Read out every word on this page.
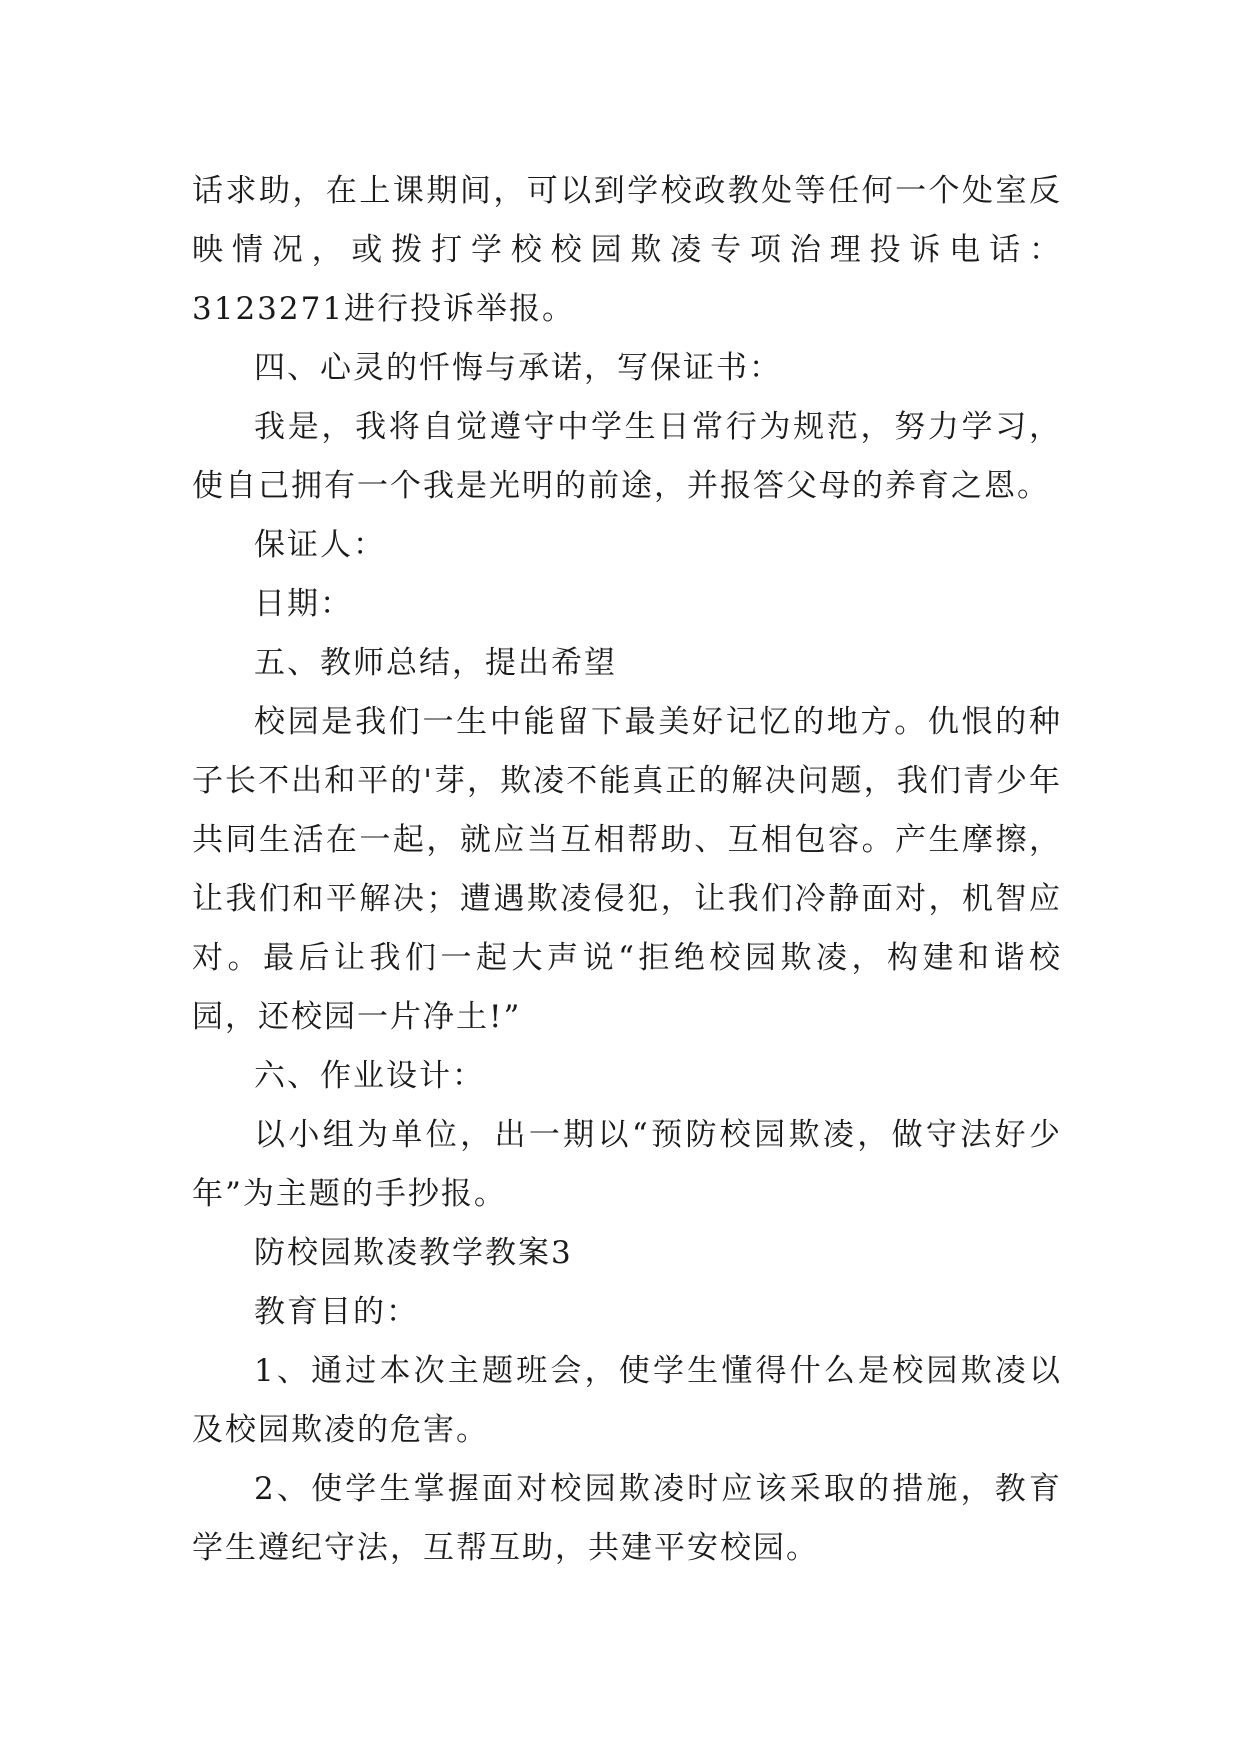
话求助，在上课期间，可以到学校政教处等任何一个处室反映情况，或拨打学校校园欺凌专项治理投诉电话：3123271进行投诉举报。

四、心灵的忏悔与承诺，写保证书：

我是，我将自觉遵守中学生日常行为规范，努力学习，使自己拥有一个我是光明的前途，并报答父母的养育之恩。

保证人：

日期：

五、教师总结，提出希望

校园是我们一生中能留下最美好记忆的地方。仇恨的种子长不出和平的'芽，欺凌不能真正的解决问题，我们青少年共同生活在一起，就应当互相帮助、互相包容。产生摩擦，让我们和平解决；遭遇欺凌侵犯，让我们冷静面对，机智应对。最后让我们一起大声说“拒绝校园欺凌，构建和谐校园，还校园一片净土!”

六、作业设计：

以小组为单位，出一期以“预防校园欺凌，做守法好少年”为主题的手抄报。

防校园欺凌教学教案3

教育目的：

1、通过本次主题班会，使学生懂得什么是校园欺凌以及校园欺凌的危害。

2、使学生掌握面对校园欺凌时应该采取的措施，教育学生遵纪守法，互帮互助，共建平安校园。
